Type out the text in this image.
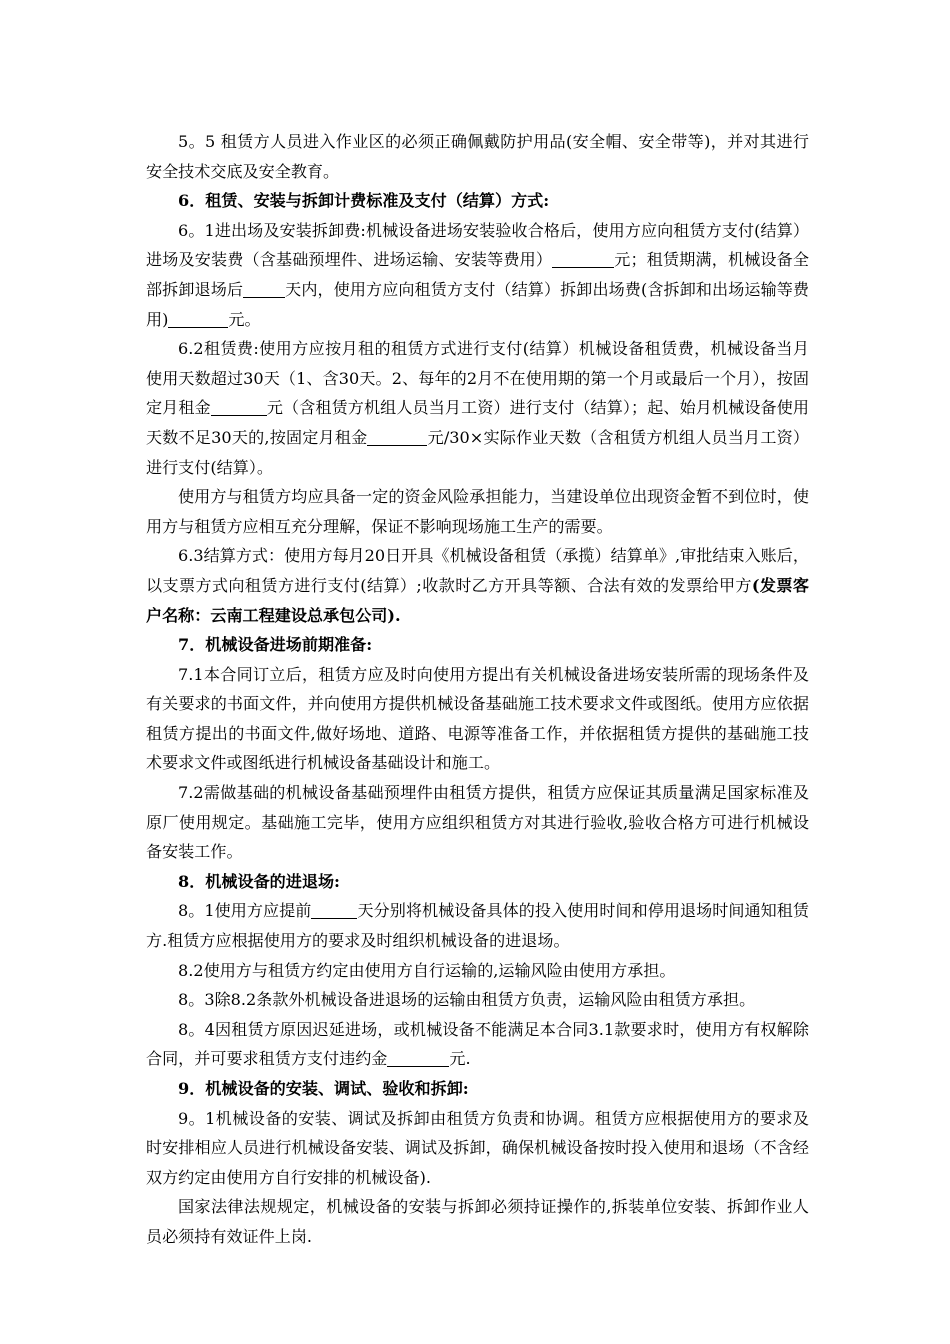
5。5 租赁方人员进入作业区的必须正确佩戴防护用品(安全帽、安全带等)，并对其进行安全技术交底及安全教育。

6．租赁、安装与拆卸计费标准及支付（结算）方式:

6。1进出场及安装拆卸费:机械设备进场安装验收合格后，使用方应向租赁方支付(结算）进场及安装费（含基础预埋件、进场运输、安装等费用）	元；租赁期满，机械设备全部拆卸退场后	天内，使用方应向租赁方支付（结算）拆卸出场费(含拆卸和出场运输等费用)	元。

6.2租赁费:使用方应按月租的租赁方式进行支付(结算）机械设备租赁费，机械设备当月使用天数超过30天（1、含30天。2、每年的2月不在使用期的第一个月或最后一个月），按固定月租金	元（含租赁方机组人员当月工资）进行支付（结算）；起、始月机械设备使用天数不足30天的,按固定月租金	元/30×实际作业天数（含租赁方机组人员当月工资）进行支付(结算）。

使用方与租赁方均应具备一定的资金风险承担能力，当建设单位出现资金暂不到位时，使用方与租赁方应相互充分理解，保证不影响现场施工生产的需要。

6.3结算方式：使用方每月20日开具《机械设备租赁（承揽）结算单》,审批结束入账后，以支票方式向租赁方进行支付(结算）;收款时乙方开具等额、合法有效的发票给甲方(发票客户名称：云南工程建设总承包公司).

7．机械设备进场前期准备:

7.1本合同订立后，租赁方应及时向使用方提出有关机械设备进场安装所需的现场条件及有关要求的书面文件，并向使用方提供机械设备基础施工技术要求文件或图纸。使用方应依据租赁方提出的书面文件,做好场地、道路、电源等准备工作，并依据租赁方提供的基础施工技术要求文件或图纸进行机械设备基础设计和施工。

7.2需做基础的机械设备基础预埋件由租赁方提供，租赁方应保证其质量满足国家标准及原厂使用规定。基础施工完毕，使用方应组织租赁方对其进行验收,验收合格方可进行机械设备安装工作。

8．机械设备的进退场:

8。1使用方应提前	天分别将机械设备具体的投入使用时间和停用退场时间通知租赁方.租赁方应根据使用方的要求及时组织机械设备的进退场。

8.2使用方与租赁方约定由使用方自行运输的,运输风险由使用方承担。

8。3除8.2条款外机械设备进退场的运输由租赁方负责，运输风险由租赁方承担。

8。4因租赁方原因迟延进场，或机械设备不能满足本合同3.1款要求时，使用方有权解除合同，并可要求租赁方支付违约金	元.

9．机械设备的安装、调试、验收和拆卸:

9。1机械设备的安装、调试及拆卸由租赁方负责和协调。租赁方应根据使用方的要求及时安排相应人员进行机械设备安装、调试及拆卸，确保机械设备按时投入使用和退场（不含经双方约定由使用方自行安排的机械设备).

国家法律法规规定，机械设备的安装与拆卸必须持证操作的,拆装单位安装、拆卸作业人员必须持有效证件上岗.
